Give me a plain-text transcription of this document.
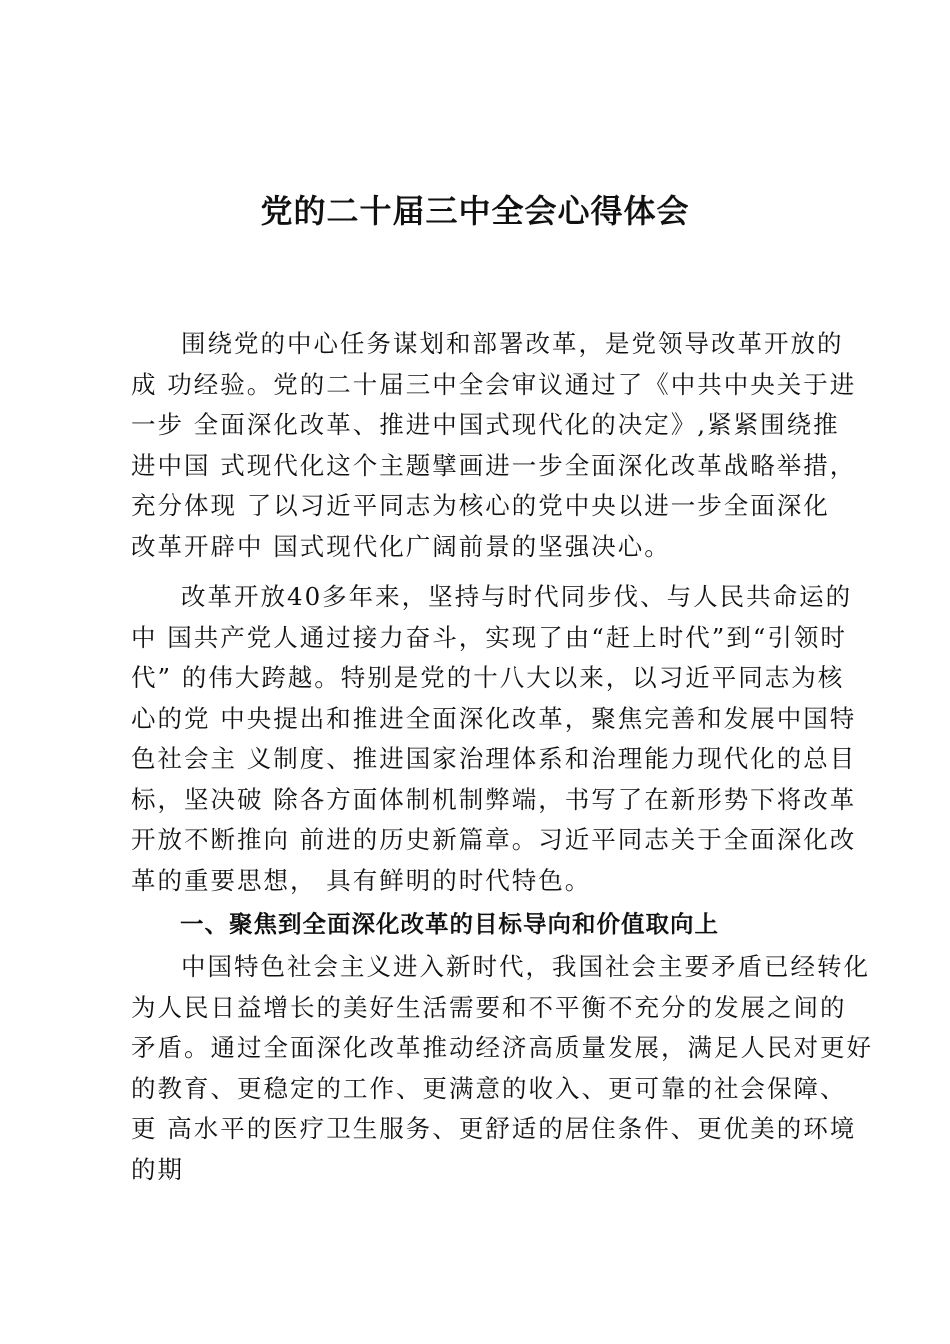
党的二十届三中全会心得体会

围绕党的中心任务谋划和部署改革，是党领导改革开放的
成 功经验。党的二十届三中全会审议通过了《中共中央关于进
一步 全面深化改革、推进中国式现代化的决定》,紧紧围绕推
进中国 式现代化这个主题擘画进一步全面深化改革战略举措，
充分体现 了以习近平同志为核心的党中央以进一步全面深化
改革开辟中 国式现代化广阔前景的坚强决心。

改革开放40多年来，坚持与时代同步伐、与人民共命运的
中 国共产党人通过接力奋斗，实现了由“赶上时代”到“引领时
代” 的伟大跨越。特别是党的十八大以来，以习近平同志为核
心的党 中央提出和推进全面深化改革，聚焦完善和发展中国特
色社会主 义制度、推进国家治理体系和治理能力现代化的总目
标，坚决破 除各方面体制机制弊端，书写了在新形势下将改革
开放不断推向 前进的历史新篇章。习近平同志关于全面深化改
革的重要思想， 具有鲜明的时代特色。

一、聚焦到全面深化改革的目标导向和价值取向上

中国特色社会主义进入新时代，我国社会主要矛盾已经转化
为人民日益增长的美好生活需要和不平衡不充分的发展之间的
矛盾。通过全面深化改革推动经济高质量发展，满足人民对更好
的教育、更稳定的工作、更满意的收入、更可靠的社会保障、
更 高水平的医疗卫生服务、更舒适的居住条件、更优美的环境
的期
